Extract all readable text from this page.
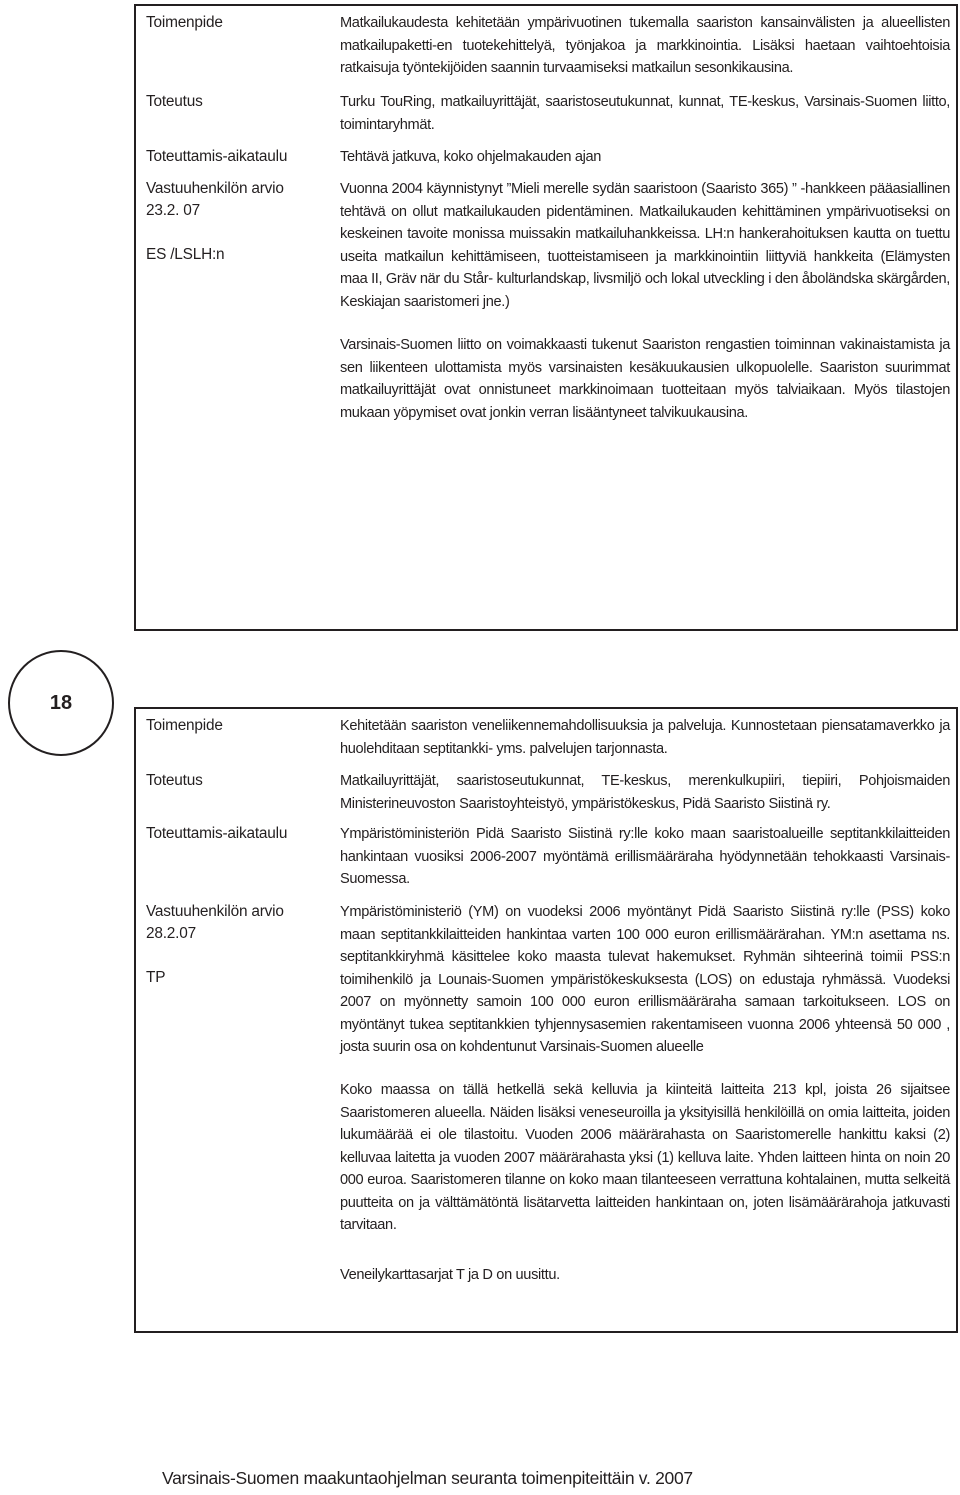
Toimenpide
Toteutus
Toteuttamis-aikataulu
Vastuuhenkilön arvio
23.2. 07
ES /LSLH:n

Matkailukaudesta kehitetään ympärivuotinen tukemalla saariston kansainvälisten ja alueellisten matkailupaketti-en tuotekehittelyä, työnjakoa ja markkinointia. Lisäksi haetaan vaihtoehtoisia ratkaisuja työntekijöiden saannin turvaamiseksi matkailun sesonkikausina.

Turku TouRing, matkailuyrittäjät, saaristoseutukunnat, kunnat, TE-keskus, Varsinais-Suomen liitto, toimintaryhmät.

Tehtävä jatkuva, koko ohjelmakauden ajan

Vuonna 2004 käynnistynyt ”Mieli merelle sydän saaristoon (Saaristo 365) ” -hankkeen pääasiallinen tehtävä on ollut matkailukauden pidentäminen. Matkailukauden kehittäminen ympärivuotiseksi on keskeinen tavoite monissa muissakin matkailuhankkeissa. LH:n hankerahoituksen kautta on tuettu useita matkailun kehittämiseen, tuotteistamiseen ja markkinointiin liittyviä hankkeita (Elämysten maa II, Gräv när du Står- kulturlandskap, livsmiljö och lokal utveckling i den åboländska skärgården, Keskiajan saaristomeri jne.)

Varsinais-Suomen liitto on voimakkaasti tukenut Saariston rengastien toiminnan vakinaistamista ja sen liikenteen ulottamista myös varsinaisten kesäkuukausien ulkopuolelle. Saariston suurimmat matkailuyrittäjät ovat onnistuneet markkinoimaan tuotteitaan myös talviaikaan. Myös tilastojen mukaan yöpymiset ovat jonkin verran lisääntyneet talvikuukausina.

18
Toimenpide
Toteutus
Toteuttamis-aikataulu
Vastuuhenkilön arvio
28.2.07
TP

Kehitetään saariston veneliikennemahdollisuuksia ja palveluja. Kunnostetaan piensatamaverkko ja huolehditaan septitankki- yms. palvelujen tarjonnasta.

Matkailuyrittäjät, saaristoseutukunnat, TE-keskus, merenkulkupiiri, tiepiiri, Pohjoismaiden Ministerineuvoston Saaristoyhteistyö, ympäristökeskus, Pidä Saaristo Siistinä ry.

Ympäristöministeriön Pidä Saaristo Siistinä ry:lle koko maan saaristoalueille septitankkilaitteiden hankintaan vuosiksi 2006-2007 myöntämä erillismääräraha hyödynnetään tehokkaasti Varsinais-Suomessa.

Ympäristöministeriö (YM) on vuodeksi 2006 myöntänyt Pidä Saaristo Siistinä ry:lle (PSS) koko maan septitankkilaitteiden hankintaa varten 100 000 euron erillismäärärahan. YM:n asettama ns. septitankkiryhmä käsittelee koko maasta tulevat hakemukset. Ryhmän sihteerinä toimii PSS:n toimihenkilö ja Lounais-Suomen ympäristökeskuksesta (LOS) on edustaja ryhmässä. Vuodeksi 2007 on myönnetty samoin 100 000 euron erillismääräraha samaan tarkoitukseen. LOS on myöntänyt tukea septitankkien tyhjennysasemien rakentamiseen vuonna 2006 yhteensä 50 000 , josta suurin osa on kohdentunut Varsinais-Suomen alueelle

Koko maassa on tällä hetkellä sekä kelluvia ja kiinteitä laitteita 213 kpl, joista 26 sijaitsee Saaristomeren alueella. Näiden lisäksi veneseuroilla ja yksityisillä henkilöillä on omia laitteita, joiden lukumäärää ei ole tilastoitu. Vuoden 2006 määrärahasta on Saaristomerelle hankittu kaksi (2) kelluvaa laitetta ja vuoden 2007 määrärahasta yksi (1) kelluva laite. Yhden laitteen hinta on noin 20 000 euroa. Saaristomeren tilanne on koko maan tilanteeseen verrattuna kohtalainen, mutta selkeitä puutteita on ja välttämätöntä lisätarvetta laitteiden hankintaan on, joten lisämäärärahoja jatkuvasti tarvitaan.

Veneilykarttasarjat T ja D on uusittu.

Varsinais-Suomen maakuntaohjelman seuranta toimenpiteittäin v. 2007
